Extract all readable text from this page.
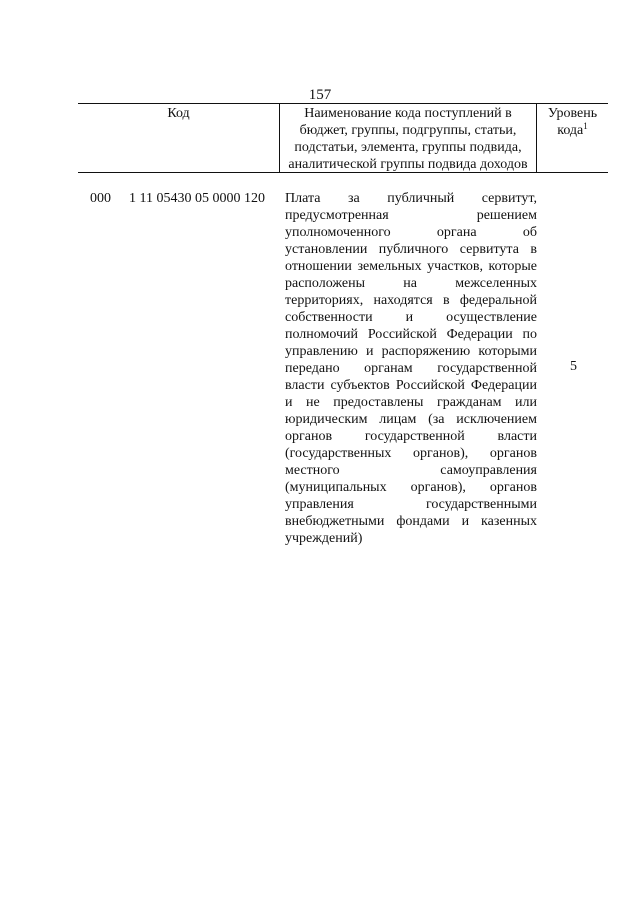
157
Код	Наименование кода поступлений в бюджет, группы, подгруппы, статьи, подстатьи, элемента, группы подвида, аналитической группы подвида доходов
Уровень кода$^1$
000 1 11 05430 05 0000 120 Плата за публичный сервитут, предусмотренная решением уполномоченного органа об установлении публичного сервитута в отношении земельных участков, которые расположены на межселенных территориях, находятся в федеральной собственности и осуществление полномочий Российской Федерации по управлению и распоряжению которыми передано органам государственной власти субъектов Российской Федерации и не предоставлены гражданам или юридическим лицам (за исключением органов государственной власти (государственных органов), органов местного самоуправления (муниципальных органов), органов управления государственными внебюджетными фондами и казенных учреждений)

5
